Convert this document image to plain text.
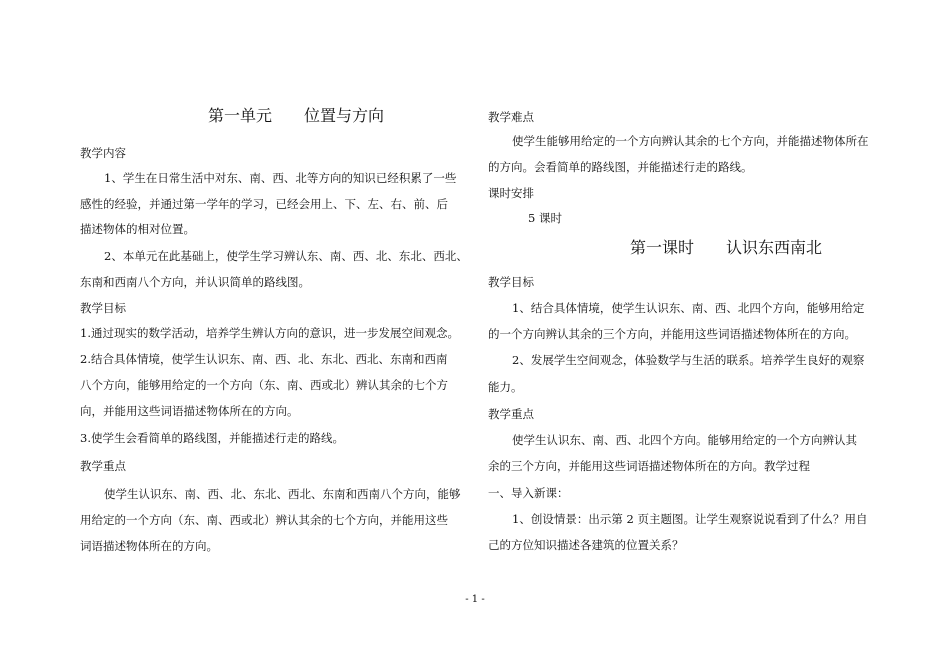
第一单元　　位置与方向
教学内容
1、学生在日常生活中对东、南、西、北等方向的知识已经积累了一些
感性的经验，并通过第一学年的学习，已经会用上、下、左、右、前、后
描述物体的相对位置。
2、本单元在此基础上，使学生学习辨认东、南、西、北、东北、西北、
东南和西南八个方向，并认识简单的路线图。
教学目标
1.通过现实的数学活动，培养学生辨认方向的意识，进一步发展空间观念。
2.结合具体情境，使学生认识东、南、西、北、东北、西北、东南和西南
八个方向，能够用给定的一个方向（东、南、西或北）辨认其余的七个方
向，并能用这些词语描述物体所在的方向。
3.使学生会看简单的路线图，并能描述行走的路线。
教学重点
使学生认识东、南、西、北、东北、西北、东南和西南八个方向，能够
用给定的一个方向（东、南、西或北）辨认其余的七个方向，并能用这些
词语描述物体所在的方向。
教学难点
使学生能够用给定的一个方向辨认其余的七个方向，并能描述物体所在
的方向。会看简单的路线图，并能描述行走的路线。
课时安排
5 课时
第一课时　　认识东西南北
教学目标
1、结合具体情境，使学生认识东、南、西、北四个方向，能够用给定
的一个方向辨认其余的三个方向，并能用这些词语描述物体所在的方向。
2、发展学生空间观念，体验数学与生活的联系。培养学生良好的观察
能力。
教学重点
使学生认识东、南、西、北四个方向。能够用给定的一个方向辨认其
余的三个方向，并能用这些词语描述物体所在的方向。教学过程
一、导入新课：
1、创设情景：出示第 2 页主题图。让学生观察说说看到了什么？用自
己的方位知识描述各建筑的位置关系？
- 1 -
